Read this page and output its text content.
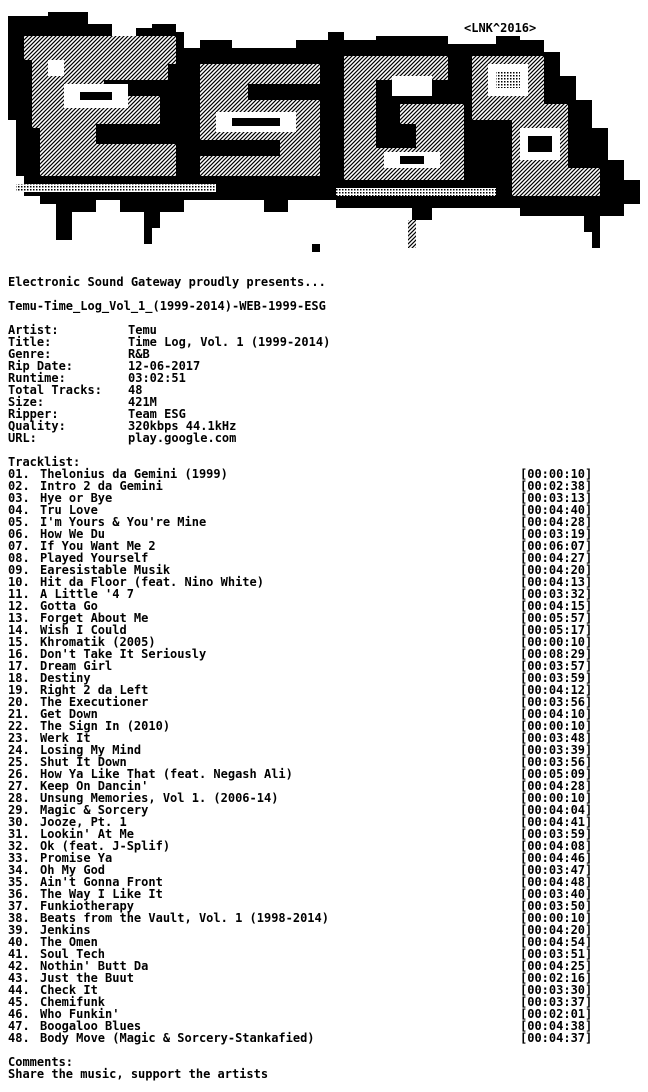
<LNK^2016>
Electronic Sound Gateway proudly presents...
Temu-Time_Log_Vol_1_(1999-2014)-WEB-1999-ESG

Artist:

	Temu

Title:

	Time Log, Vol. 1 (1999-2014)

Genre:

	R&B

Rip Date:

	12-06-2017

Runtime:

	03:02:51

Total Tracks:

48

Size:

	421M

Ripper:

	Team ESG

Quality:

	320kbps 44.1kHz

URL:

	play.google.com

Tracklist:
01. Thelonius da Gemini (1999)	[00:00:10]
02. Intro 2 da Gemini	[00:02:38]
03. Hye or Bye	[00:03:13]
04. Tru Love	[00:04:40]
05. I'm Yours & You're Mine	[00:04:28]
06. How We Du	[00:03:19]
07. If You Want Me 2	[00:06:07]
08. Played Yourself	[00:04:27]
09. Earesistable Musik	[00:04:20]
10. Hit da Floor (feat. Nino White)	[00:04:13]
11. A Little '4 7	[00:03:32]
12. Gotta Go	[00:04:15]
13. Forget About Me	[00:05:57]
14. Wish I Could	[00:05:17]
15. Khromatik (2005)	[00:00:10]
16. Don't Take It Seriously	[00:08:29]
17. Dream Girl	[00:03:57]
18. Destiny	[00:03:59]
19. Right 2 da Left	[00:04:12]
20. The Executioner	[00:03:56]
21. Get Down	[00:04:10]
22. The Sign In (2010)	[00:00:10]
23. Werk It	[00:03:48]
24. Losing My Mind	[00:03:39]
25. Shut It Down	[00:03:56]
26. How Ya Like That (feat. Negash Ali)	[00:05:09]
27. Keep On Dancin'	[00:04:28]
28. Unsung Memories, Vol 1. (2006-14)	[00:00:10]
29. Magic & Sorcery	[00:04:04]
30. Jooze, Pt. 1	[00:04:41]
31. Lookin' At Me	[00:03:59]
32. Ok (feat. J-Splif)	[00:04:08]
33. Promise Ya	[00:04:46]
34. Oh My God	[00:03:47]
35. Ain't Gonna Front	[00:04:48]
36. The Way I Like It	[00:03:40]
37. Funkiotherapy	[00:03:50]
38. Beats from the Vault, Vol. 1 (1998-2014)	[00:00:10]
39. Jenkins	[00:04:20]
40. The Omen	[00:04:54]
41. Soul Tech	[00:03:51]
42. Nothin' Butt Da	[00:04:25]
43. Just the Buut	[00:02:16]
44. Check It	[00:03:30]
45. Chemifunk	[00:03:37]
46. Who Funkin'	[00:02:01]
47. Boogaloo Blues	[00:04:38]
48. Body Move (Magic & Sorcery-Stankafied)	[00:04:37]
Comments:
Share the music, support the artists
